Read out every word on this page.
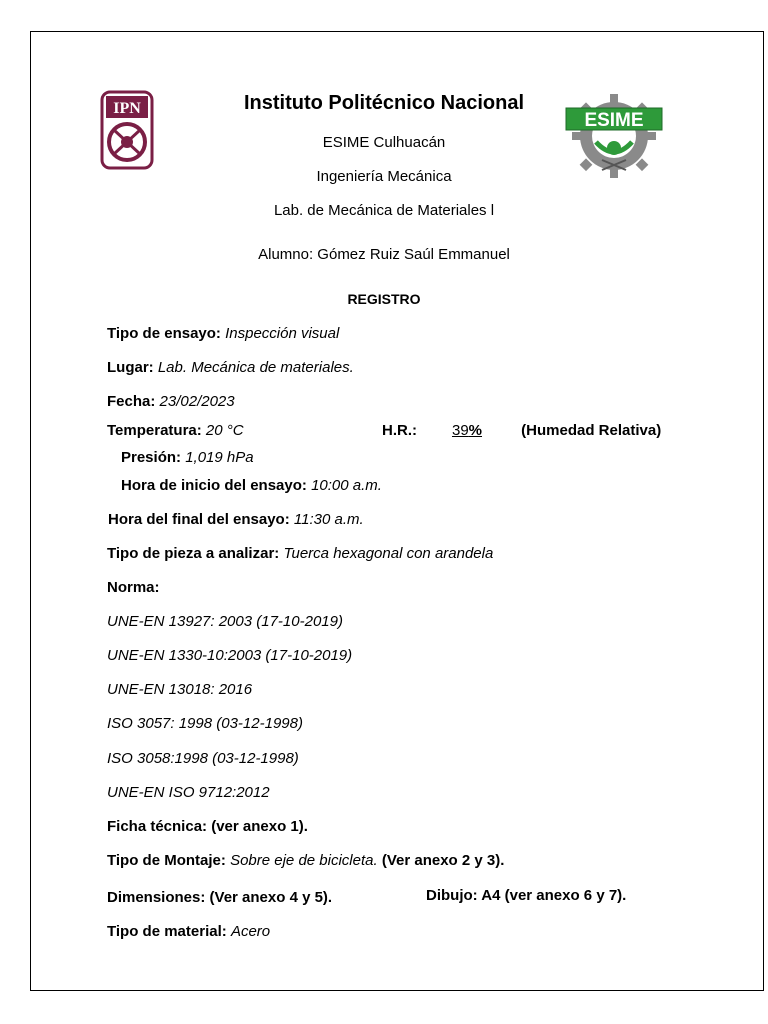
IPN
ESIME
Instituto Politécnico Nacional
ESIME Culhuacán
Ingeniería Mecánica
Lab. de Mecánica de Materiales l
Alumno: Gómez Ruiz Saúl Emmanuel
REGISTRO
Tipo de ensayo: Inspección visual
Lugar: Lab. Mecánica de materiales.
Fecha: 23/02/2023
Temperatura: 20 °C	H.R.: 39%	(Humedad Relativa)
Presión: 1,019 hPa
Hora de inicio del ensayo: 10:00 a.m.
Hora del final del ensayo: 11:30 a.m.
Tipo de pieza a analizar: Tuerca hexagonal con arandela
Norma:
UNE-EN 13927: 2003 (17-10-2019)
UNE-EN 1330-10:2003 (17-10-2019)
UNE-EN 13018: 2016
ISO 3057: 1998 (03-12-1998)
ISO 3058:1998 (03-12-1998)
UNE-EN ISO 9712:2012
Ficha técnica: (ver anexo 1).
Tipo de Montaje: Sobre eje de bicicleta. (Ver anexo 2 y 3).
Dimensiones: (Ver anexo 4 y 5).	Dibujo: A4 (ver anexo 6 y 7).
Tipo de material: Acero
